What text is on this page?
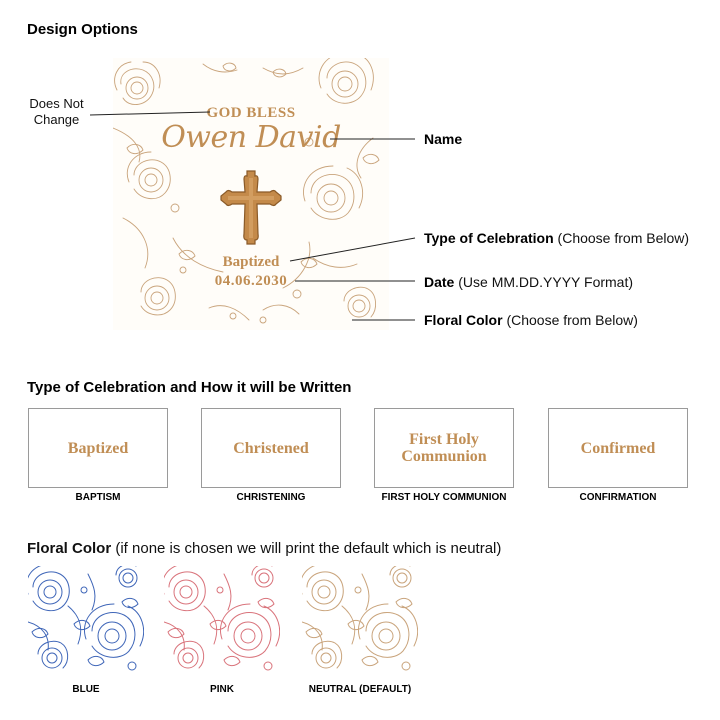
Design Options
GOD BLESS
Owen David
Baptized
04.06.2030
Does Not
Change
Name
Type of Celebration (Choose from Below)
Date (Use MM.DD.YYYY Format)
Floral Color (Choose from Below)
Type of Celebration and How it will be Written
Baptized
BAPTISM
Christened
CHRISTENING
First Holy
Communion
FIRST HOLY COMMUNION
Confirmed
CONFIRMATION
Floral Color (if none is chosen we will print the default which is neutral)
BLUE	PINK	NEUTRAL (DEFAULT)
